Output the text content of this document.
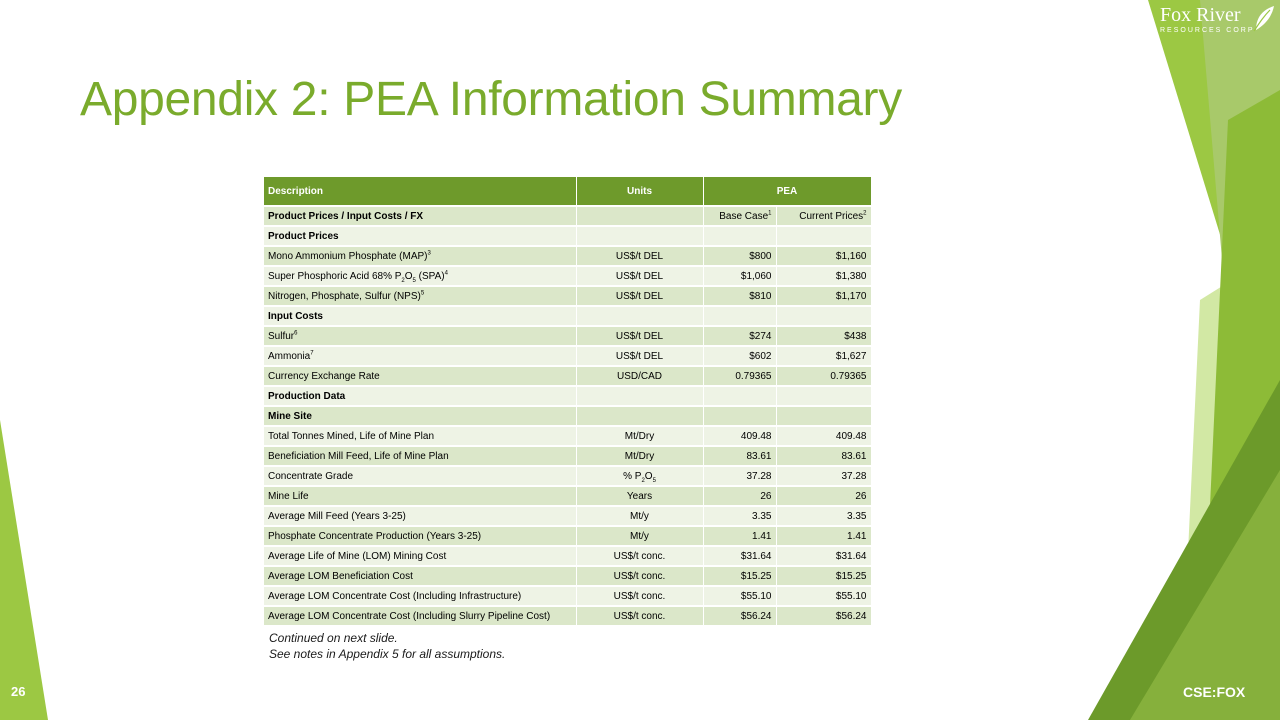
Fox River
RESOURCES CORP
Appendix 2: PEA Information Summary
Description	Units	PEA	
Product Prices / Input Costs / FX		Base Case$^1$	Current Prices$^2$
Product Prices			
Mono Ammonium Phosphate (MAP)$^3$	US$/t DEL	$800	$1,160
Super Phosphoric Acid 68% $P_2O_5$ (SPA)$^4$	US$/t DEL	$1,060	$1,380
Nitrogen, Phosphate, Sulfur (NPS)$^5$	US$/t DEL	$810	$1,170
Input Costs			
Sulfur$^6$	US$/t DEL	$274	$438
Ammonia$^7$	US$/t DEL	$602	$1,627
Currency Exchange Rate	USD/CAD	0.79365	0.79365
Production Data			
Mine Site			
Total Tonnes Mined, Life of Mine Plan	Mt/Dry	409.48	409.48
Beneficiation Mill Feed, Life of Mine Plan	Mt/Dry	83.61	83.61
Concentrate Grade	% $P_2O_5$	37.28	37.28
Mine Life	Years	26	26
Average Mill Feed (Years 3-25)	Mt/y	3.35	3.35
Phosphate Concentrate Production (Years 3-25)	Mt/y	1.41	1.41
Average Life of Mine (LOM) Mining Cost	US$/t conc.	$31.64	$31.64
Average LOM Beneficiation Cost	US$/t conc.	$15.25	$15.25
Average LOM Concentrate Cost (Including Infrastructure)	US$/t conc.	$55.10	$55.10
Average LOM Concentrate Cost (Including Slurry Pipeline Cost)	US$/t conc.	$56.24	$56.24
Continued on next slide.
See notes in Appendix 5 for all assumptions.
26	CSE:FOX
